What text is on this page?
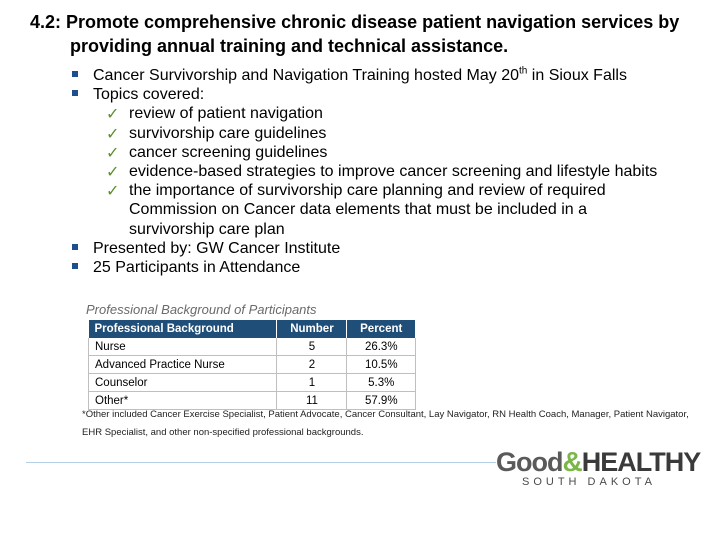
4.2: Promote comprehensive chronic disease patient navigation services by providing annual training and technical assistance.
Cancer Survivorship and Navigation Training hosted May 20th in Sioux Falls
Topics covered:
✓ review of patient navigation
✓ survivorship care guidelines
✓ cancer screening guidelines
✓ evidence-based strategies to improve cancer screening and lifestyle habits
✓ the importance of survivorship care planning and review of required Commission on Cancer data elements that must be included in a survivorship care plan
Presented by: GW Cancer Institute
25 Participants in Attendance
Professional Background of Participants
Professional Background	Number	Percent
Nurse	5	26.3%
Advanced Practice Nurse	2	10.5%
Counselor	1	5.3%
Other*	11	57.9%
*Other included Cancer Exercise Specialist, Patient Advocate, Cancer Consultant, Lay Navigator, RN Health Coach, Manager, Patient Navigator, EHR Specialist, and other non-specified professional backgrounds.
Good&HEALTHY
SOUTH DAKOTA
